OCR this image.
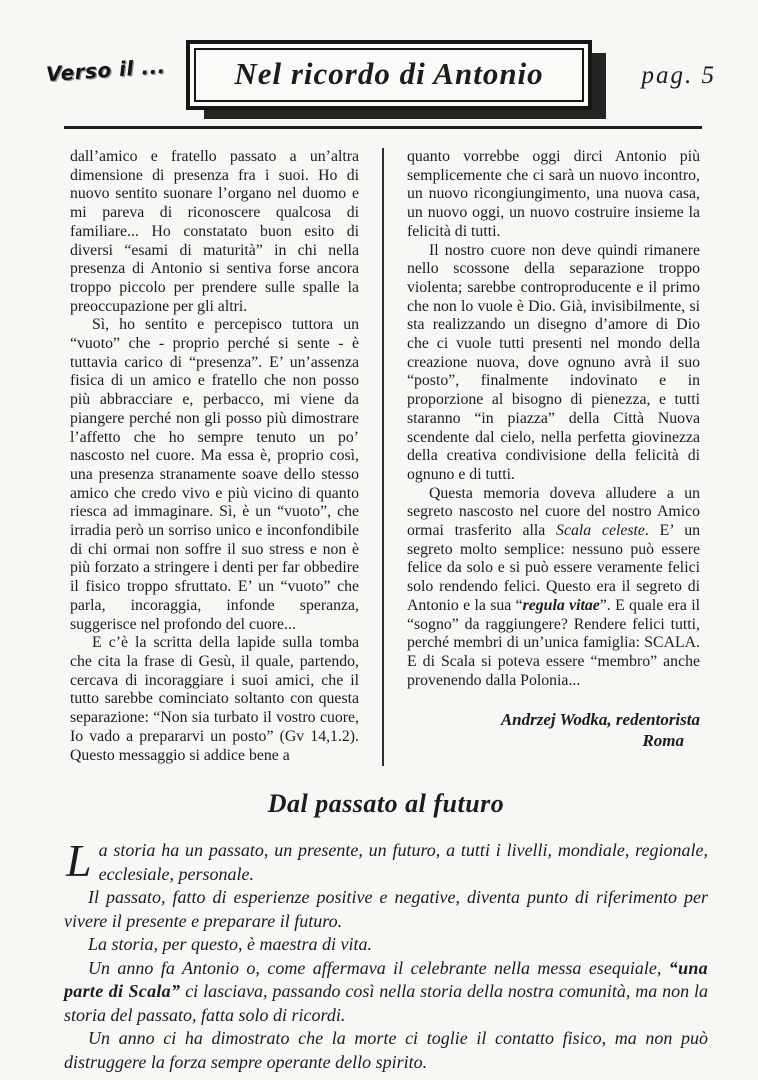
Verso il ...	Nel ricordo di Antonio	pag. 5

dall’amico e fratello passato a un’altra dimensione di presenza fra i suoi. Ho di nuovo sentito suonare l’organo nel duomo e mi pareva di riconoscere qualcosa di familiare... Ho constatato buon esito di diversi “esami di maturità” in chi nella presenza di Antonio si sentiva forse ancora troppo piccolo per prendere sulle spalle la preoccupazione per gli altri.

Sì, ho sentito e percepisco tuttora un “vuoto” che - proprio perché si sente - è tuttavia carico di “presenza”. E’ un’assenza fisica di un amico e fratello che non posso più abbracciare e, perbacco, mi viene da piangere perché non gli posso più dimostrare l’affetto che ho sempre tenuto un po’ nascosto nel cuore. Ma essa è, proprio così, una presenza stranamente soave dello stesso amico che credo vivo e più vicino di quanto riesca ad immaginare. Sì, è un “vuoto”, che irradia però un sorriso unico e inconfondibile di chi ormai non soffre il suo stress e non è più forzato a stringere i denti per far obbedire il fisico troppo sfruttato. E’ un “vuoto” che parla, incoraggia, infonde speranza, suggerisce nel profondo del cuore...

E c’è la scritta della lapide sulla tomba che cita la frase di Gesù, il quale, partendo, cercava di incoraggiare i suoi amici, che il tutto sarebbe cominciato soltanto con questa separazione: “Non sia turbato il vostro cuore, Io vado a prepararvi un posto” (Gv 14,1.2). Questo messaggio si addice bene a

quanto vorrebbe oggi dirci Antonio più semplicemente che ci sarà un nuovo incontro, un nuovo ricongiungimento, una nuova casa, un nuovo oggi, un nuovo costruire insieme la felicità di tutti.

Il nostro cuore non deve quindi rimanere nello scossone della separazione troppo violenta; sarebbe controproducente e il primo che non lo vuole è Dio. Già, invisibilmente, si sta realizzando un disegno d’amore di Dio che ci vuole tutti presenti nel mondo della creazione nuova, dove ognuno avrà il suo “posto”, finalmente indovinato e in proporzione al bisogno di pienezza, e tutti staranno “in piazza” della Città Nuova scendente dal cielo, nella perfetta giovinezza della creativa condivisione della felicità di ognuno e di tutti.

Questa memoria doveva alludere a un segreto nascosto nel cuore del nostro Amico ormai trasferito alla Scala celeste. E’ un segreto molto semplice: nessuno può essere felice da solo e si può essere veramente felici solo rendendo felici. Questo era il segreto di Antonio e la sua “regula vitae”. E quale era il “sogno” da raggiungere? Rendere felici tutti, perché membri di un’unica famiglia: SCALA. E di Scala si poteva essere “membro” anche provenendo dalla Polonia...

Andrzej Wodka, redentorista
Roma
Dal passato al futuro

La storia ha un passato, un presente, un futuro, a tutti i livelli, mondiale, regionale, ecclesiale, personale.

Il passato, fatto di esperienze positive e negative, diventa punto di riferimento per vivere il presente e preparare il futuro.

La storia, per questo, è maestra di vita.

Un anno fa Antonio o, come affermava il celebrante nella messa esequiale, “una parte di Scala” ci lasciava, passando così nella storia della nostra comunità, ma non la storia del passato, fatta solo di ricordi.

Un anno ci ha dimostrato che la morte ci toglie il contatto fisico, ma non può distruggere la forza sempre operante dello spirito.
